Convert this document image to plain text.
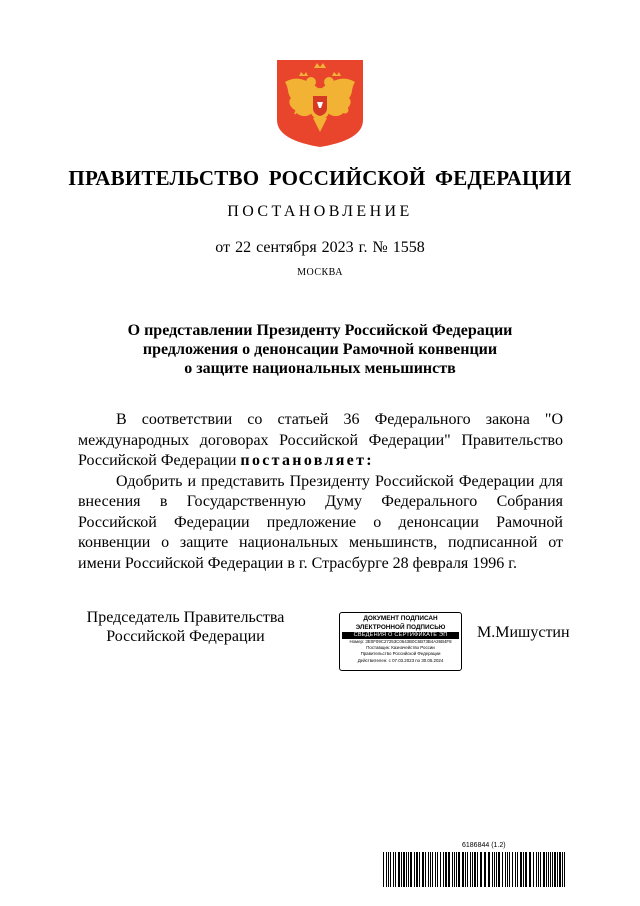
ПРАВИТЕЛЬСТВО РОССИЙСКОЙ ФЕДЕРАЦИИ
ПОСТАНОВЛЕНИЕ
от 22 сентября 2023 г. № 1558
МОСКВА
О представлении Президенту Российской Федерации
предложения о денонсации Рамочной конвенции
о защите национальных меньшинств

В соответствии со статьей 36 Федерального закона "О международных договорах Российской Федерации" Правительство Российской Федерации постановляет:

Одобрить и представить Президенту Российской Федерации для внесения в Государственную Думу Федерального Собрания Российской Федерации предложение о денонсации Рамочной конвенции о защите национальных меньшинств, подписанной от имени Российской Федерации в г. Страсбурге 28 февраля 1996 г.

Председатель Правительства
Российской Федерации
ДОКУМЕНТ ПОДПИСАН
ЭЛЕКТРОННОЙ ПОДПИСЬЮ
СВЕДЕНИЯ О СЕРТИФИКАТЕ ЭП
Номер: 3E0F09C27253C0643B0C6B73B4A36B4F8
Поставщик: Казначейство России
Правительство Российской Федерации
Действителен: с 07.03.2023 по 30.05.2024
М.Мишустин
6186844 (1.2)
